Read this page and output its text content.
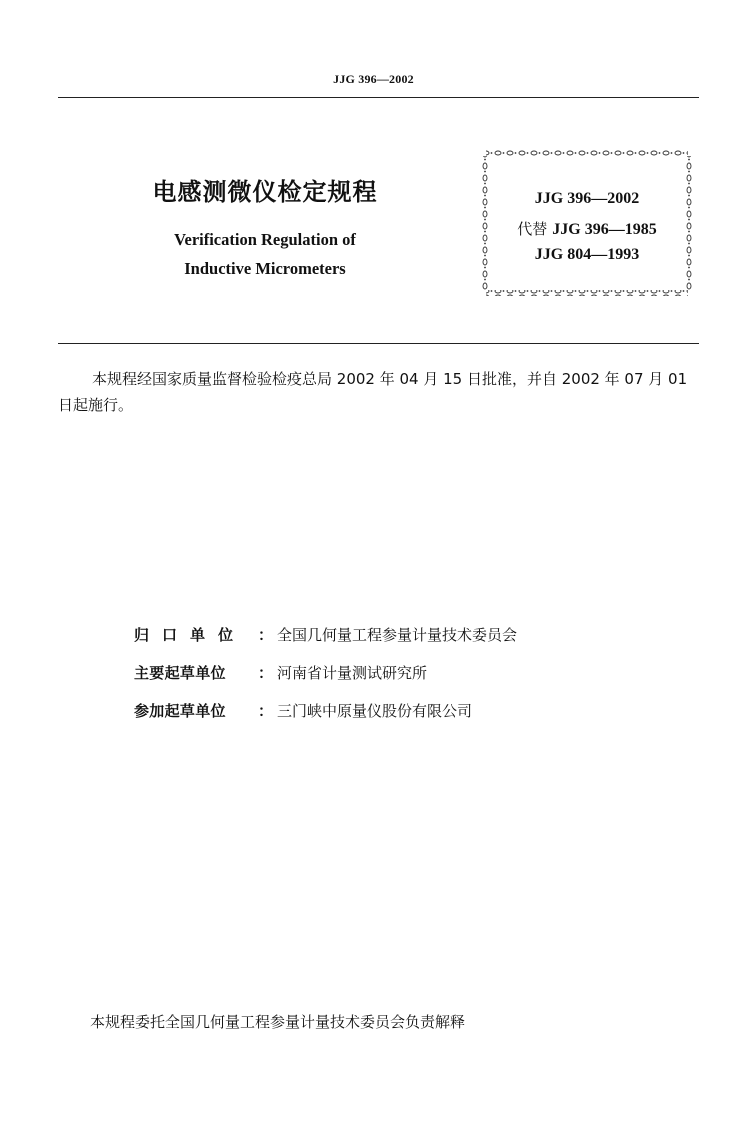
JJG 396—2002
电感测微仪检定规程
Verification Regulation of
Inductive Micrometers
JJG 396—2002
代替 JJG 396—1985
JJG 804—1993
本规程经国家质量监督检验检疫总局 2002 年 04 月 15 日批准，并自 2002 年 07 月 01 日起施行。
归 口 单 位	： 全国几何量工程参量计量技术委员会
主要起草单位	： 河南省计量测试研究所
参加起草单位	： 三门峡中原量仪股份有限公司
本规程委托全国几何量工程参量计量技术委员会负责解释
